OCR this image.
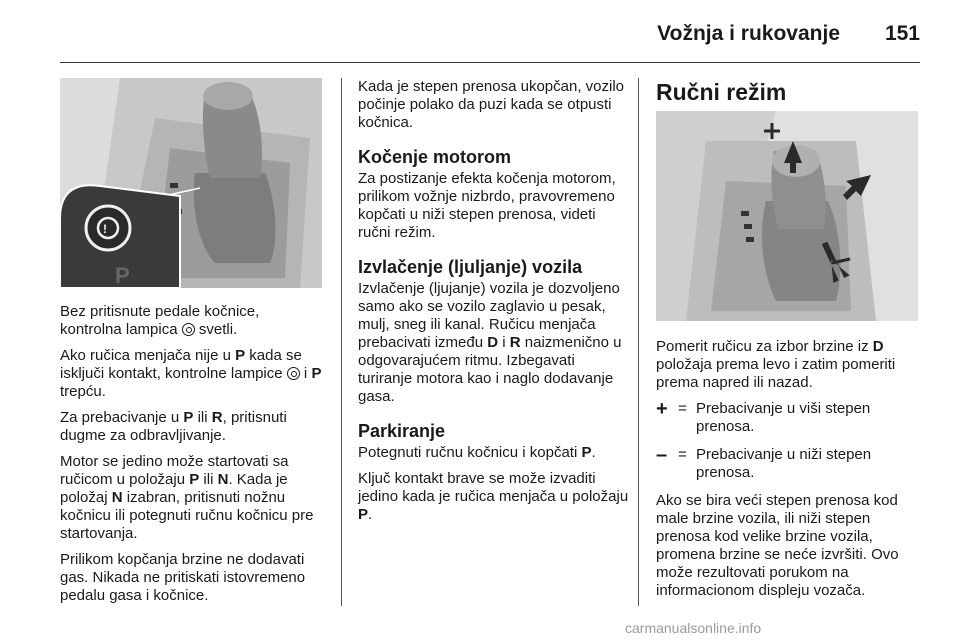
Vožnja i rukovanje 151
!
P

Bez pritisnute pedale kočnice,
kontrolna lampica  svetli.

Ako ručica menjača nije u P kada se isključi kontakt, kontrolne lampice  i P trepću.

Za prebacivanje u P ili R, pritisnuti dugme za odbravljivanje.

Motor se jedino može startovati sa ručicom u položaju P ili N. Kada je položaj N izabran, pritisnuti nožnu kočnicu ili potegnuti ručnu kočnicu pre startovanja.

Prilikom kopčanja brzine ne dodavati gas. Nikada ne pritiskati istovremeno pedalu gasa i kočnice.

Kada je stepen prenosa ukopčan, vozilo počinje polako da puzi kada se otpusti kočnica.

Kočenje motorom

Za postizanje efekta kočenja motorom, prilikom vožnje nizbrdo, pravovremeno kopčati u niži stepen prenosa, videti ručni režim.

Izvlačenje (ljuljanje) vozila

Izvlačenje (ljujanje) vozila je dozvoljeno samo ako se vozilo zaglavio u pesak, mulj, sneg ili kanal. Ručicu menjača prebacivati između D i R naizmenično u odgovarajućem ritmu. Izbegavati turiranje motora kao i naglo dodavanje gasa.

Parkiranje

Potegnuti ručnu kočnicu i kopčati P.

Ključ kontakt brave se može izvaditi jedino kada je ručica menjača u položaju P.

Ručni režim

Pomerit ručicu za izbor brzine iz D položaja prema levo i zatim pomeriti prema napred ili nazad.

+ = Prebacivanje u viši stepen prenosa.
– = Prebacivanje u niži stepen prenosa.

Ako se bira veći stepen prenosa kod male brzine vozila, ili niži stepen prenosa kod velike brzine vozila, promena brzine se neće izvršiti. Ovo može rezultovati porukom na informacionom displeju vozača.

carmanualsonline.info
